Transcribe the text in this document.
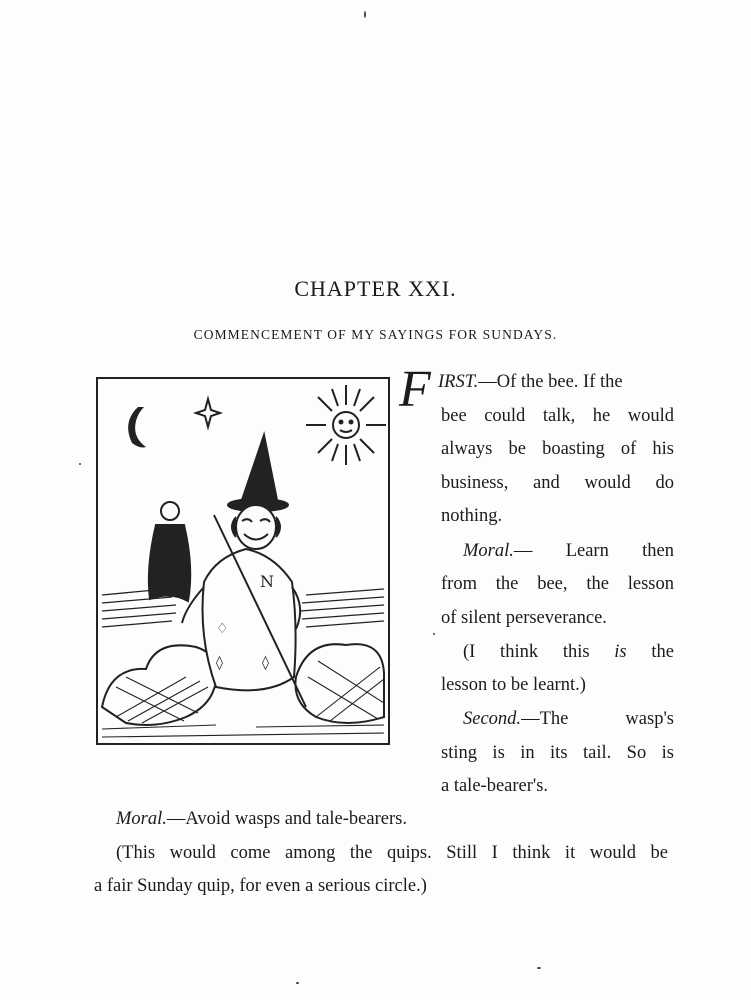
CHAPTER XXI.
COMMENCEMENT OF MY SAYINGS FOR SUNDAYS.
N
♢
◊	◊
F IRST.—Of the bee. If the
bee could talk, he would
always be boasting of his
business, and would do
nothing.
Moral.— Learn then
from the bee, the lesson
of silent perseverance.
(I think this is the
lesson to be learnt.)
Second.—The wasp's
sting is in its tail. So is
a tale-bearer's.
Moral.—Avoid wasps and tale-bearers.
(This would come among the quips. Still I think it would be
a fair Sunday quip, for even a serious circle.)
